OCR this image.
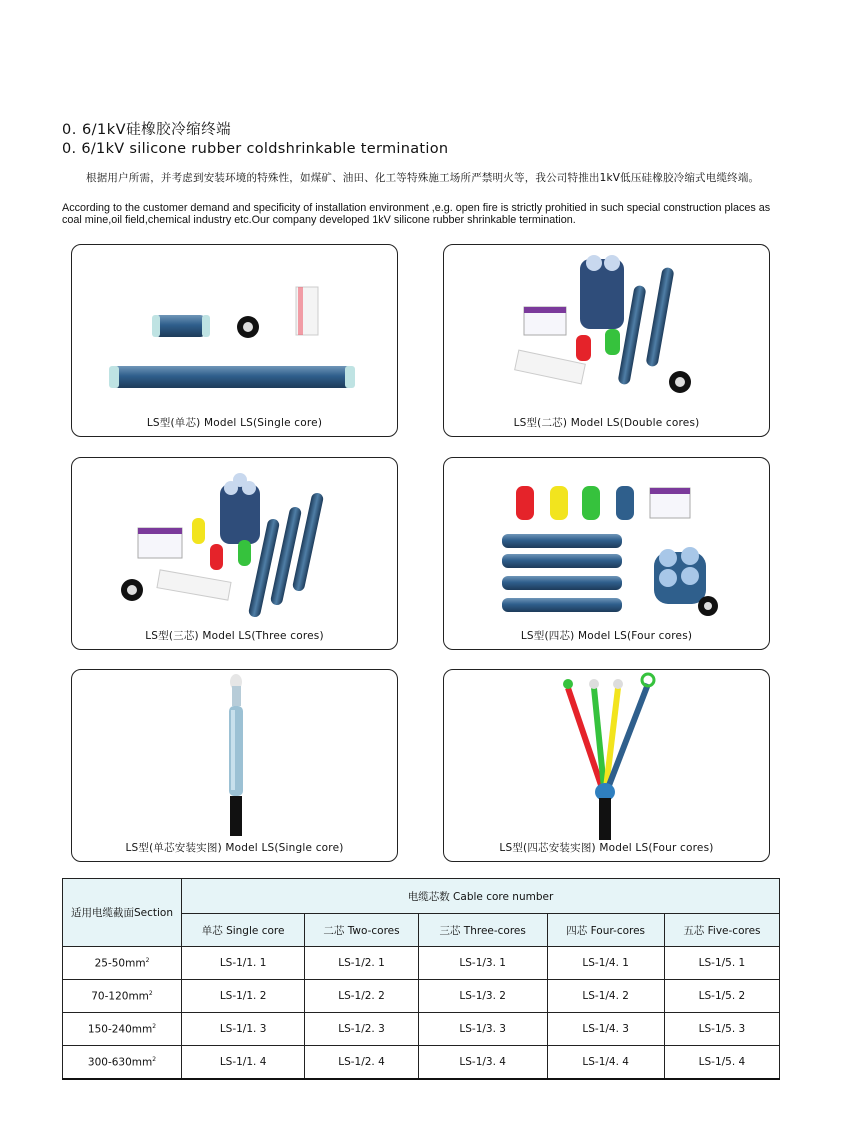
0. 6/1kV硅橡胶冷缩终端
0. 6/1kV silicone rubber coldshrinkable termination
根据用户所需，并考虑到安装环境的特殊性，如煤矿、油田、化工等特殊施工场所严禁明火等，我公司特推出1kV低压硅橡胶冷缩式电缆终端。
According to the customer demand and specificity of installation environment ,e.g. open fire is strictly prohitied in such special construction places as coal mine,oil field,chemical industry etc.Our company developed 1kV silicone rubber shrinkable termination.
LS型(单芯) Model LS(Single core)	LS型(二芯) Model LS(Double cores)
LS型(三芯) Model LS(Three cores)	LS型(四芯) Model LS(Four cores)
LS型(单芯安装实图) Model LS(Single core)	LS型(四芯安装实图) Model LS(Four cores)
适用电缆截面Section	电缆芯数 Cable core number				
	单芯 Single core	二芯 Two-cores	三芯 Three-cores	四芯 Four-cores	五芯 Five-cores
$25-50mm^2$	LS-1/1. 1	LS-1/2. 1	LS-1/3. 1	LS-1/4. 1	LS-1/5. 1
$70-120mm^2$	LS-1/1. 2	LS-1/2. 2	LS-1/3. 2	LS-1/4. 2	LS-1/5. 2
$150-240mm^2$	LS-1/1. 3	LS-1/2. 3	LS-1/3. 3	LS-1/4. 3	LS-1/5. 3
$300-630mm^2$	LS-1/1. 4	LS-1/2. 4	LS-1/3. 4	LS-1/4. 4	LS-1/5. 4
